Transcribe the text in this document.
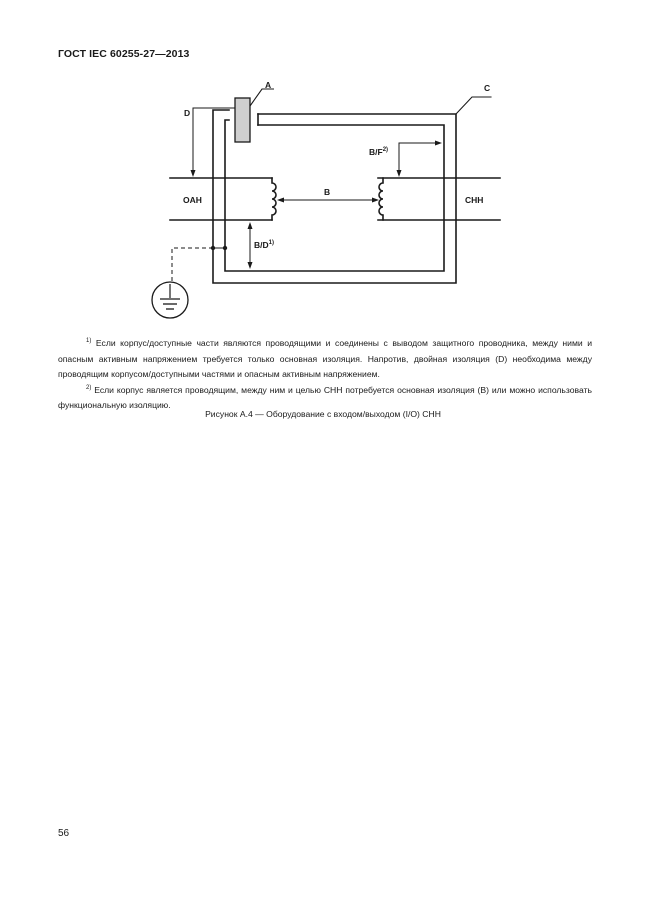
ГОСТ IEC 60255-27—2013
A	C
D
$B/F^{2)}$
OAH
B
CHH
$B/D^{1)}$

$^{1)}$ Если корпус/доступные части являются проводящими и соединены с выводом защитного проводника, между ними и опасным активным напряжением требуется только основная изоляция. Напротив, двойная изоляция (D) необходима между проводящим корпусом/доступными частями и опасным активным напряжением.

$^{2)}$ Если корпус является проводящим, между ним и целью СНН потребуется основная изоляция (B) или можно использовать функциональную изоляцию.

Рисунок А.4 — Оборудование с входом/выходом (I/O) СНН
56
